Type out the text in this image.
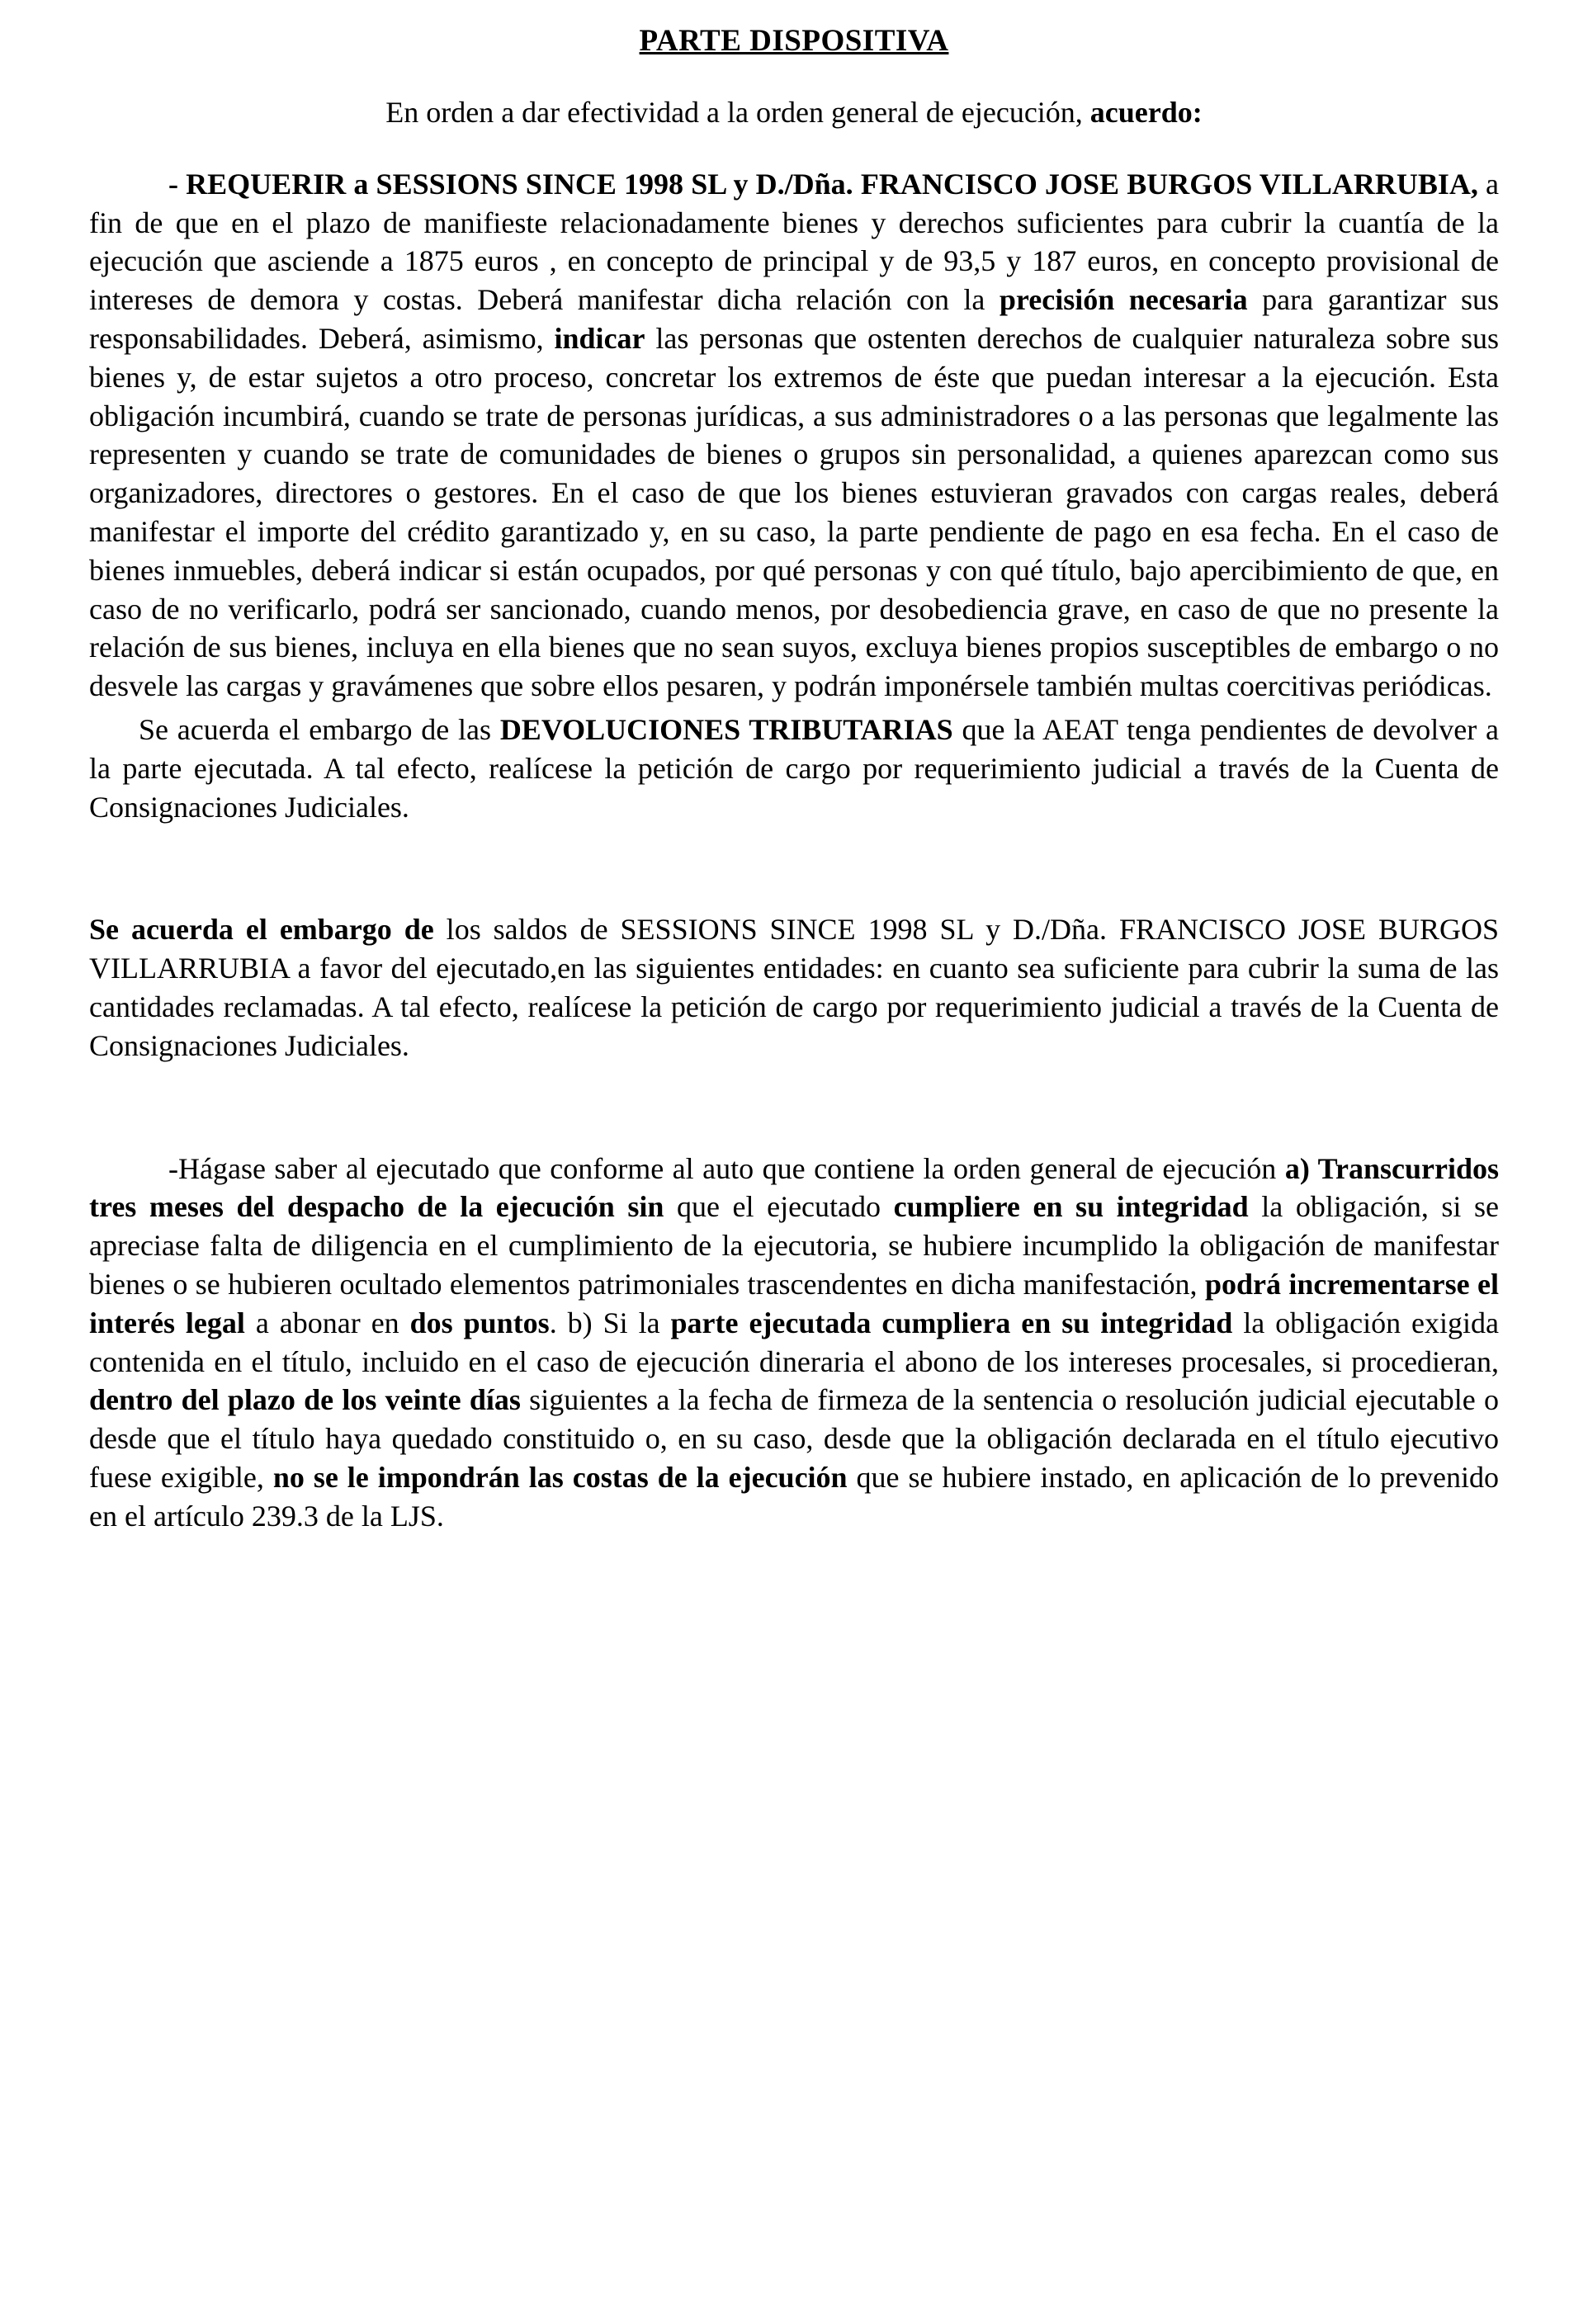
PARTE DISPOSITIVA

En orden a dar efectividad a la orden general de ejecución, acuerdo:

- REQUERIR a SESSIONS SINCE 1998 SL y D./Dña. FRANCISCO JOSE BURGOS VILLARRUBIA, a fin de que en el plazo de manifieste relacionadamente bienes y derechos suficientes para cubrir la cuantía de la ejecución que asciende a 1875 euros , en concepto de principal y de 93,5 y 187 euros, en concepto provisional de intereses de demora y costas. Deberá manifestar dicha relación con la precisión necesaria para garantizar sus responsabilidades. Deberá, asimismo, indicar las personas que ostenten derechos de cualquier naturaleza sobre sus bienes y, de estar sujetos a otro proceso, concretar los extremos de éste que puedan interesar a la ejecución. Esta obligación incumbirá, cuando se trate de personas jurídicas, a sus administradores o a las personas que legalmente las representen y cuando se trate de comunidades de bienes o grupos sin personalidad, a quienes aparezcan como sus organizadores, directores o gestores. En el caso de que los bienes estuvieran gravados con cargas reales, deberá manifestar el importe del crédito garantizado y, en su caso, la parte pendiente de pago en esa fecha. En el caso de bienes inmuebles, deberá indicar si están ocupados, por qué personas y con qué título, bajo apercibimiento de que, en caso de no verificarlo, podrá ser sancionado, cuando menos, por desobediencia grave, en caso de que no presente la relación de sus bienes, incluya en ella bienes que no sean suyos, excluya bienes propios susceptibles de embargo o no desvele las cargas y gravámenes que sobre ellos pesaren, y podrán imponérsele también multas coercitivas periódicas.

Se acuerda el embargo de las DEVOLUCIONES TRIBUTARIAS que la AEAT tenga pendientes de devolver a la parte ejecutada. A tal efecto, realícese la petición de cargo por requerimiento judicial a través de la Cuenta de Consignaciones Judiciales.

Se acuerda el embargo de los saldos de SESSIONS SINCE 1998 SL y D./Dña. FRANCISCO JOSE BURGOS VILLARRUBIA a favor del ejecutado,en las siguientes entidades: en cuanto sea suficiente para cubrir la suma de las cantidades reclamadas. A tal efecto, realícese la petición de cargo por requerimiento judicial a través de la Cuenta de Consignaciones Judiciales.

-Hágase saber al ejecutado que conforme al auto que contiene la orden general de ejecución a) Transcurridos tres meses del despacho de la ejecución sin que el ejecutado cumpliere en su integridad la obligación, si se apreciase falta de diligencia en el cumplimiento de la ejecutoria, se hubiere incumplido la obligación de manifestar bienes o se hubieren ocultado elementos patrimoniales trascendentes en dicha manifestación, podrá incrementarse el interés legal a abonar en dos puntos. b) Si la parte ejecutada cumpliera en su integridad la obligación exigida contenida en el título, incluido en el caso de ejecución dineraria el abono de los intereses procesales, si procedieran, dentro del plazo de los veinte días siguientes a la fecha de firmeza de la sentencia o resolución judicial ejecutable o desde que el título haya quedado constituido o, en su caso, desde que la obligación declarada en el título ejecutivo fuese exigible, no se le impondrán las costas de la ejecución que se hubiere instado, en aplicación de lo prevenido en el artículo 239.3 de la LJS.
